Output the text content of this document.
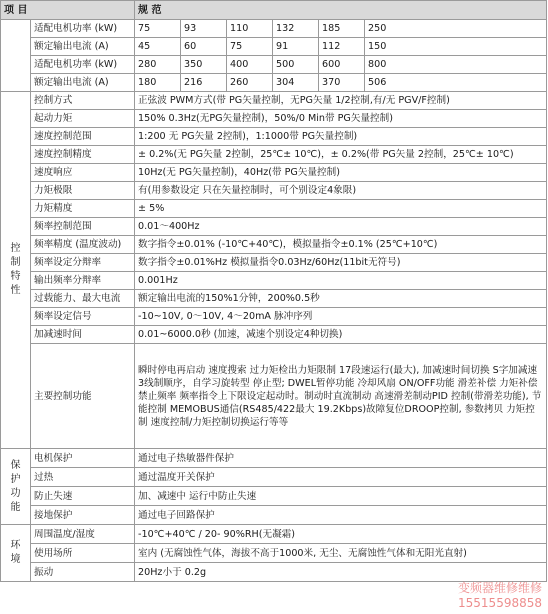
项 目		规 范					
	适配电机功率 (kW)	75	93	110	132	185	250
	额定输出电流 (A)	45	60	75	91	112	150
	适配电机功率 (kW)	280	350	400	500	600	800
	额定输出电流 (A)	180	216	260	304	370	506

控制特性	控制方式	正弦波 PWM方式(带 PG矢量控制，无PG矢量 1/2控制,有/无 PGV/F控制)					
	起动力矩	150% 0.3Hz(无PG矢量控制)，50%/0 Min带 PG矢量控制)					
	速度控制范围	1:200 无 PG矢量 2控制)，1:1000带 PG矢量控制)					
	速度控制精度	± 0.2%(无 PG矢量 2控制，25℃± 10℃)，± 0.2%(带 PG矢量 2控制，25℃± 10℃)					
	速度响应	10Hz(无 PG矢量控制)，40Hz(带 PG矢量控制)					
	力矩极限	有(用参数设定 只在矢量控制时，可个别设定4象限)					
	力矩精度	± 5%					
	频率控制范围	0.01～400Hz					
	频率精度 (温度波动)	数字指令±0.01% (-10℃+40℃)，模拟量指令±0.1% (25℃+10℃)					
	频率设定分辩率	数字指令±0.01%Hz 模拟量指令0.03Hz/60Hz(11bit无符号)					
	输出频率分辩率	0.001Hz					
	过载能力、最大电流	额定输出电流的150%1分钟，200%0.5秒					
	频率设定信号	-10~10V, 0～10V, 4～20mA 脉冲序列					
	加减速时间	0.01~6000.0秒 (加速，减速个别设定4种切换)					
	主要控制功能	瞬时停电再启动 速度搜索 过力矩检出力矩限制 17段速运行(最大), 加减速时间切换 S字加减速 3线制顺序，自学习旋转型 停止型; DWEL暂停功能 冷却风扇 ON/OFF功能 滑差补偿 力矩补偿 禁止频率 频率指令上下限设定起动时。制动时直流制动 高速滑差制动PID 控制(带滑差功能), 节能控制 MEMOBUS通信(RS485/422最大 19.2Kbps)故障复位DROOP控制, 参数拷贝 力矩控制 速度控制/力矩控制切换运行等等					

保护功能	电机保护	通过电子热敏器件保护					
	过热	通过温度开关保护					
	防止失速	加、减速中 运行中防止失速					
	接地保护	通过电子回路保护					

环境	周围温度/湿度	-10℃+40℃ / 20- 90%RH(无凝霜)					
	使用场所	室内 (无腐蚀性气体，海拔不高于1000米, 无尘、无腐蚀性气体和无阳光直射)					
	振动	20Hz小于 0.2g					
变频器维修维修
15515598858
